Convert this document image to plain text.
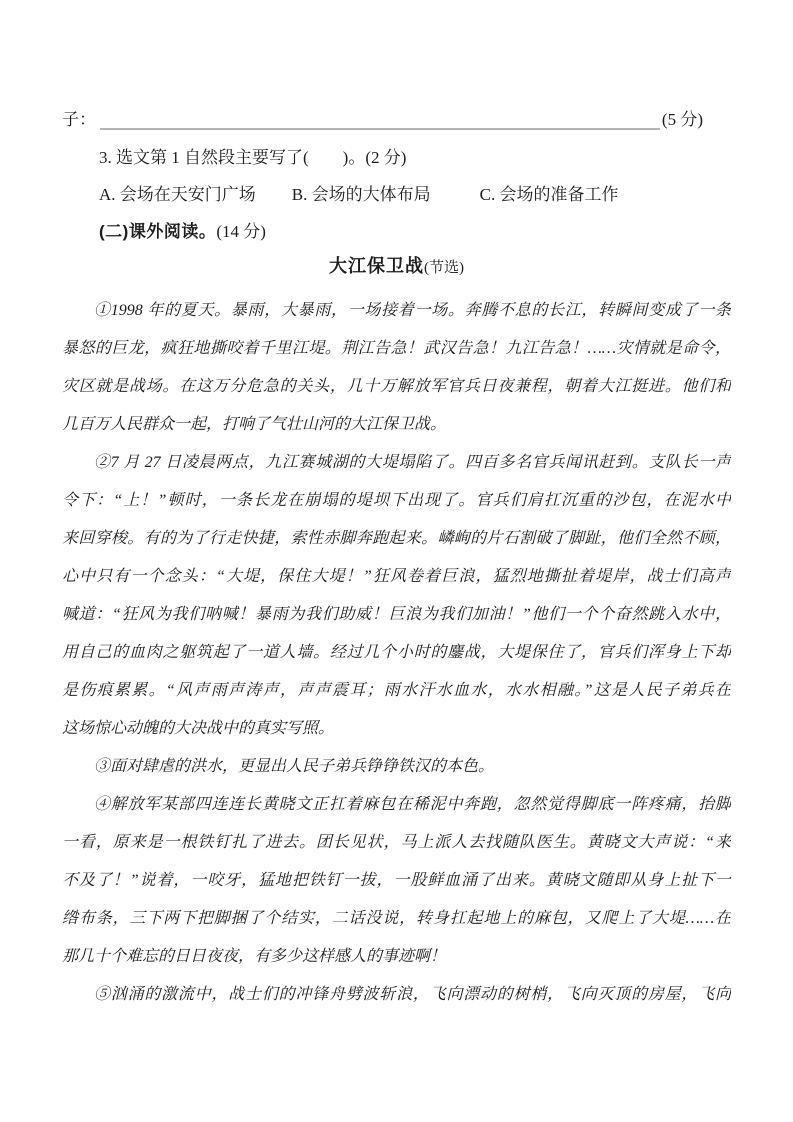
子：	(5 分)
3. 选文第 1 自然段主要写了(　　)。(2 分)
A. 会场在天安门广场 B. 会场的大体布局	C. 会场的准备工作
(二)课外阅读。(14 分)
大江保卫战(节选)
①1998 年的夏天。暴雨，大暴雨，一场接着一场。奔腾不息的长江，转瞬间变成了一条
暴怒的巨龙，疯狂地撕咬着千里江堤。荆江告急！武汉告急！九江告急！……灾情就是命令，
灾区就是战场。在这万分危急的关头，几十万解放军官兵日夜兼程，朝着大江挺进。他们和
几百万人民群众一起，打响了气壮山河的大江保卫战。
②7 月 27 日凌晨两点，九江赛城湖的大堤塌陷了。四百多名官兵闻讯赶到。支队长一声
令下：“上！”顿时，一条长龙在崩塌的堤坝下出现了。官兵们肩扛沉重的沙包，在泥水中
来回穿梭。有的为了行走快捷，索性赤脚奔跑起来。嶙峋的片石割破了脚趾，他们全然不顾，
心中只有一个念头：“大堤，保住大堤！”狂风卷着巨浪，猛烈地撕扯着堤岸，战士们高声
喊道：“狂风为我们呐喊！暴雨为我们助威！巨浪为我们加油！”他们一个个奋然跳入水中，
用自己的血肉之躯筑起了一道人墙。经过几个小时的鏖战，大堤保住了，官兵们浑身上下却
是伤痕累累。“风声雨声涛声，声声震耳；雨水汗水血水，水水相融。”这是人民子弟兵在
这场惊心动魄的大决战中的真实写照。
③面对肆虐的洪水，更显出人民子弟兵铮铮铁汉的本色。
④解放军某部四连连长黄晓文正扛着麻包在稀泥中奔跑，忽然觉得脚底一阵疼痛，抬脚
一看，原来是一根铁钉扎了进去。团长见状，马上派人去找随队医生。黄晓文大声说：“来
不及了！”说着，一咬牙，猛地把铁钉一拔，一股鲜血涌了出来。黄晓文随即从身上扯下一
绺布条，三下两下把脚捆了个结实，二话没说，转身扛起地上的麻包，又爬上了大堤……在
那几十个难忘的日日夜夜，有多少这样感人的事迹啊！
⑤汹涌的激流中，战士们的冲锋舟劈波斩浪，飞向漂动的树梢，飞向灭顶的房屋，飞向
